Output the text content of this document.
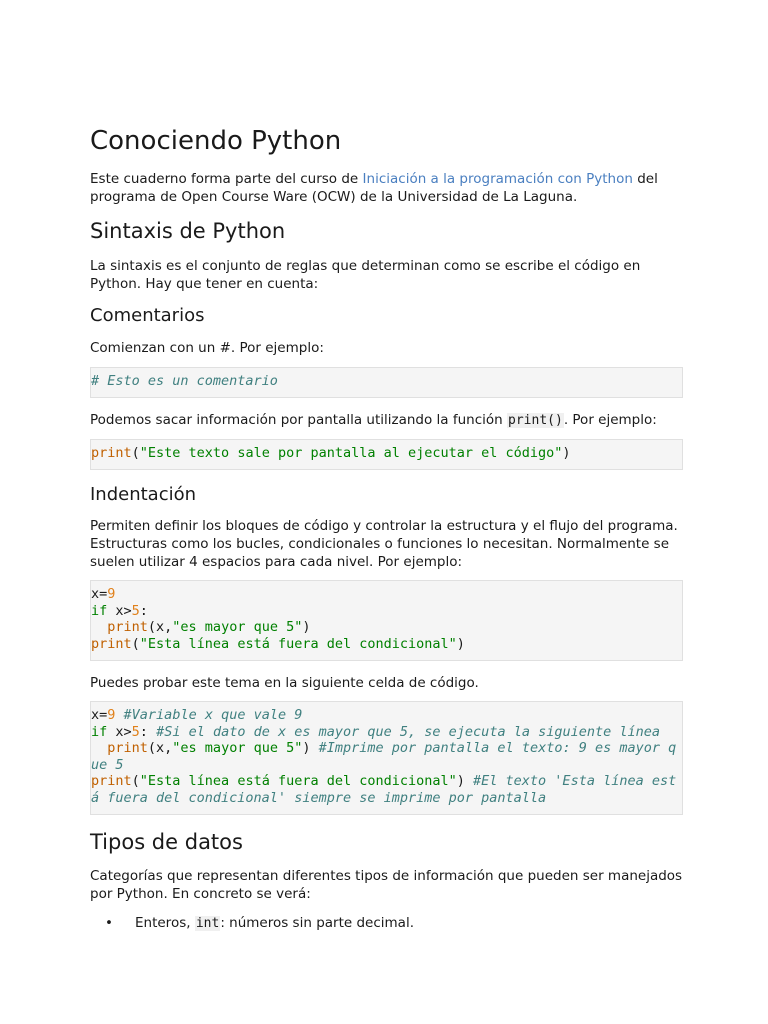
Conociendo Python

Este cuaderno forma parte del curso de Iniciación a la programación con Python del programa de Open Course Ware (OCW) de la Universidad de La Laguna.

Sintaxis de Python

La sintaxis es el conjunto de reglas que determinan como se escribe el código en Python. Hay que tener en cuenta:

Comentarios

Comienzan con un #. Por ejemplo:

# Esto es un comentario

Podemos sacar información por pantalla utilizando la función print(). Por ejemplo:

print("Este texto sale por pantalla al ejecutar el código")
Indentación

Permiten definir los bloques de código y controlar la estructura y el flujo del programa. Estructuras como los bucles, condicionales o funciones lo necesitan. Normalmente se suelen utilizar 4 espacios para cada nivel. Por ejemplo:

x=9
if x>5:
print(x,"es mayor que 5")
print("Esta línea está fuera del condicional")

Puedes probar este tema en la siguiente celda de código.

x=9 #Variable x que vale 9
if x>5: #Si el dato de x es mayor que 5, se ejecuta la siguiente línea
print(x,"es mayor que 5") #Imprime por pantalla el texto: 9 es mayor que 5
print("Esta línea está fuera del condicional") #El texto 'Esta línea está fuera del condicional' siempre se imprime por pantalla
Tipos de datos

Categorías que representan diferentes tipos de información que pueden ser manejados por Python. En concreto se verá:

• Enteros, int: números sin parte decimal.
